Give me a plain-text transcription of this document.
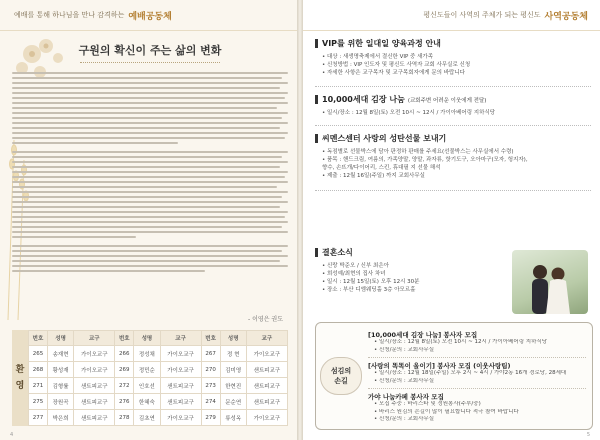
예배를 통해 하나님을 만나 감격하는 예배공동체
구원의 확신이 주는 삶의 변화
- 이영은 권도
환
영
번호	성명	교구	번호	성명	교구	번호	성명	교구
265	송재현	가이오교구	266	정성채	가이오교구	267	정 현	가이오교구
268	황성재	가이오교구	269	정민순	가이오교구	270	김미영	샌트피교구
271	김형률	샌트피교구	272	인호선	샌트피교구	273	한현진	샌트피교구
275	장원곡	샌트피교구	276	한혜숙	샌트피교구	274	문순연	샌트피교구
277	박은희	샌트피교구	278	김초연	가이오교구	279	류성옥	가이오교구
4
평신도들이 사역의 주체가 되는 평신도 사역공동체
VIP를 위한 일대일 양육과정 안내
• 대상 : 새생명축제에서 결신한 VIP 중 새가족
• 신청방법 : VIP 인도자 및 평신도 사역자 교회 사무실로 신청
• 자세한 사항은 교구목자 및 교구목회자에게 문의 바랍니다
10,000세대 김장 나눔 (교회주변 어려운 이웃에게 전달)
• 일시/장소 : 12월 8일(토) 오전 10시 ~ 12시 / 가이아베어링 지하식당
씨멘스센터 사랑의 성탄선물 보내기
• 독점별로 선물박스에 담아 판정하 판매를 주세요(선물박스는 사무실에서 수령)
• 품목 : 핸드크림, 여름의, 가족양말, 양말, 과자류, 핫기도구, 오아마구(모자, 헝지자),
향수, 손뜨개/다이어리, 스킨, 휴대필 지 선물 해석
• 제출 : 12월 16일(주일) 까지 교회사무실
결혼소식
• 신랑 박준오 / 신부 최은아
• 희성예/최현의 집사 차녀
• 일시 : 12월 15일(토) 오후 12시 30분
• 장소 : 부산 디엠웨딩홀 3층 아모르홀
섬김의
손길
[10,000세대 김장 나눔] 봉사자 모집
• 일시/장소 : 12월 8일(토) 오전 10시 ~ 12시 / 가이아베어링 지하식당
• 신청/문의 : 교회사무실
[사랑의 똑똑이 올이기] 봉사자 모집 (이웃사랑팀)
• 일시/장소 : 12월 18일(주일) 오후 2시 ~ 4시 / 가야2동 16개 경로당, 28세대
• 신청/문의 : 교회사무실
가야 나눔카페 봉사자 모집
• 모집 주중 : 바리스타 및 정원봉사(주부/중)
• 바리스 원김의 손길이 많이 필요합니다 적극 참여 바랍니다
• 신청/문의 : 교회사무실
5
